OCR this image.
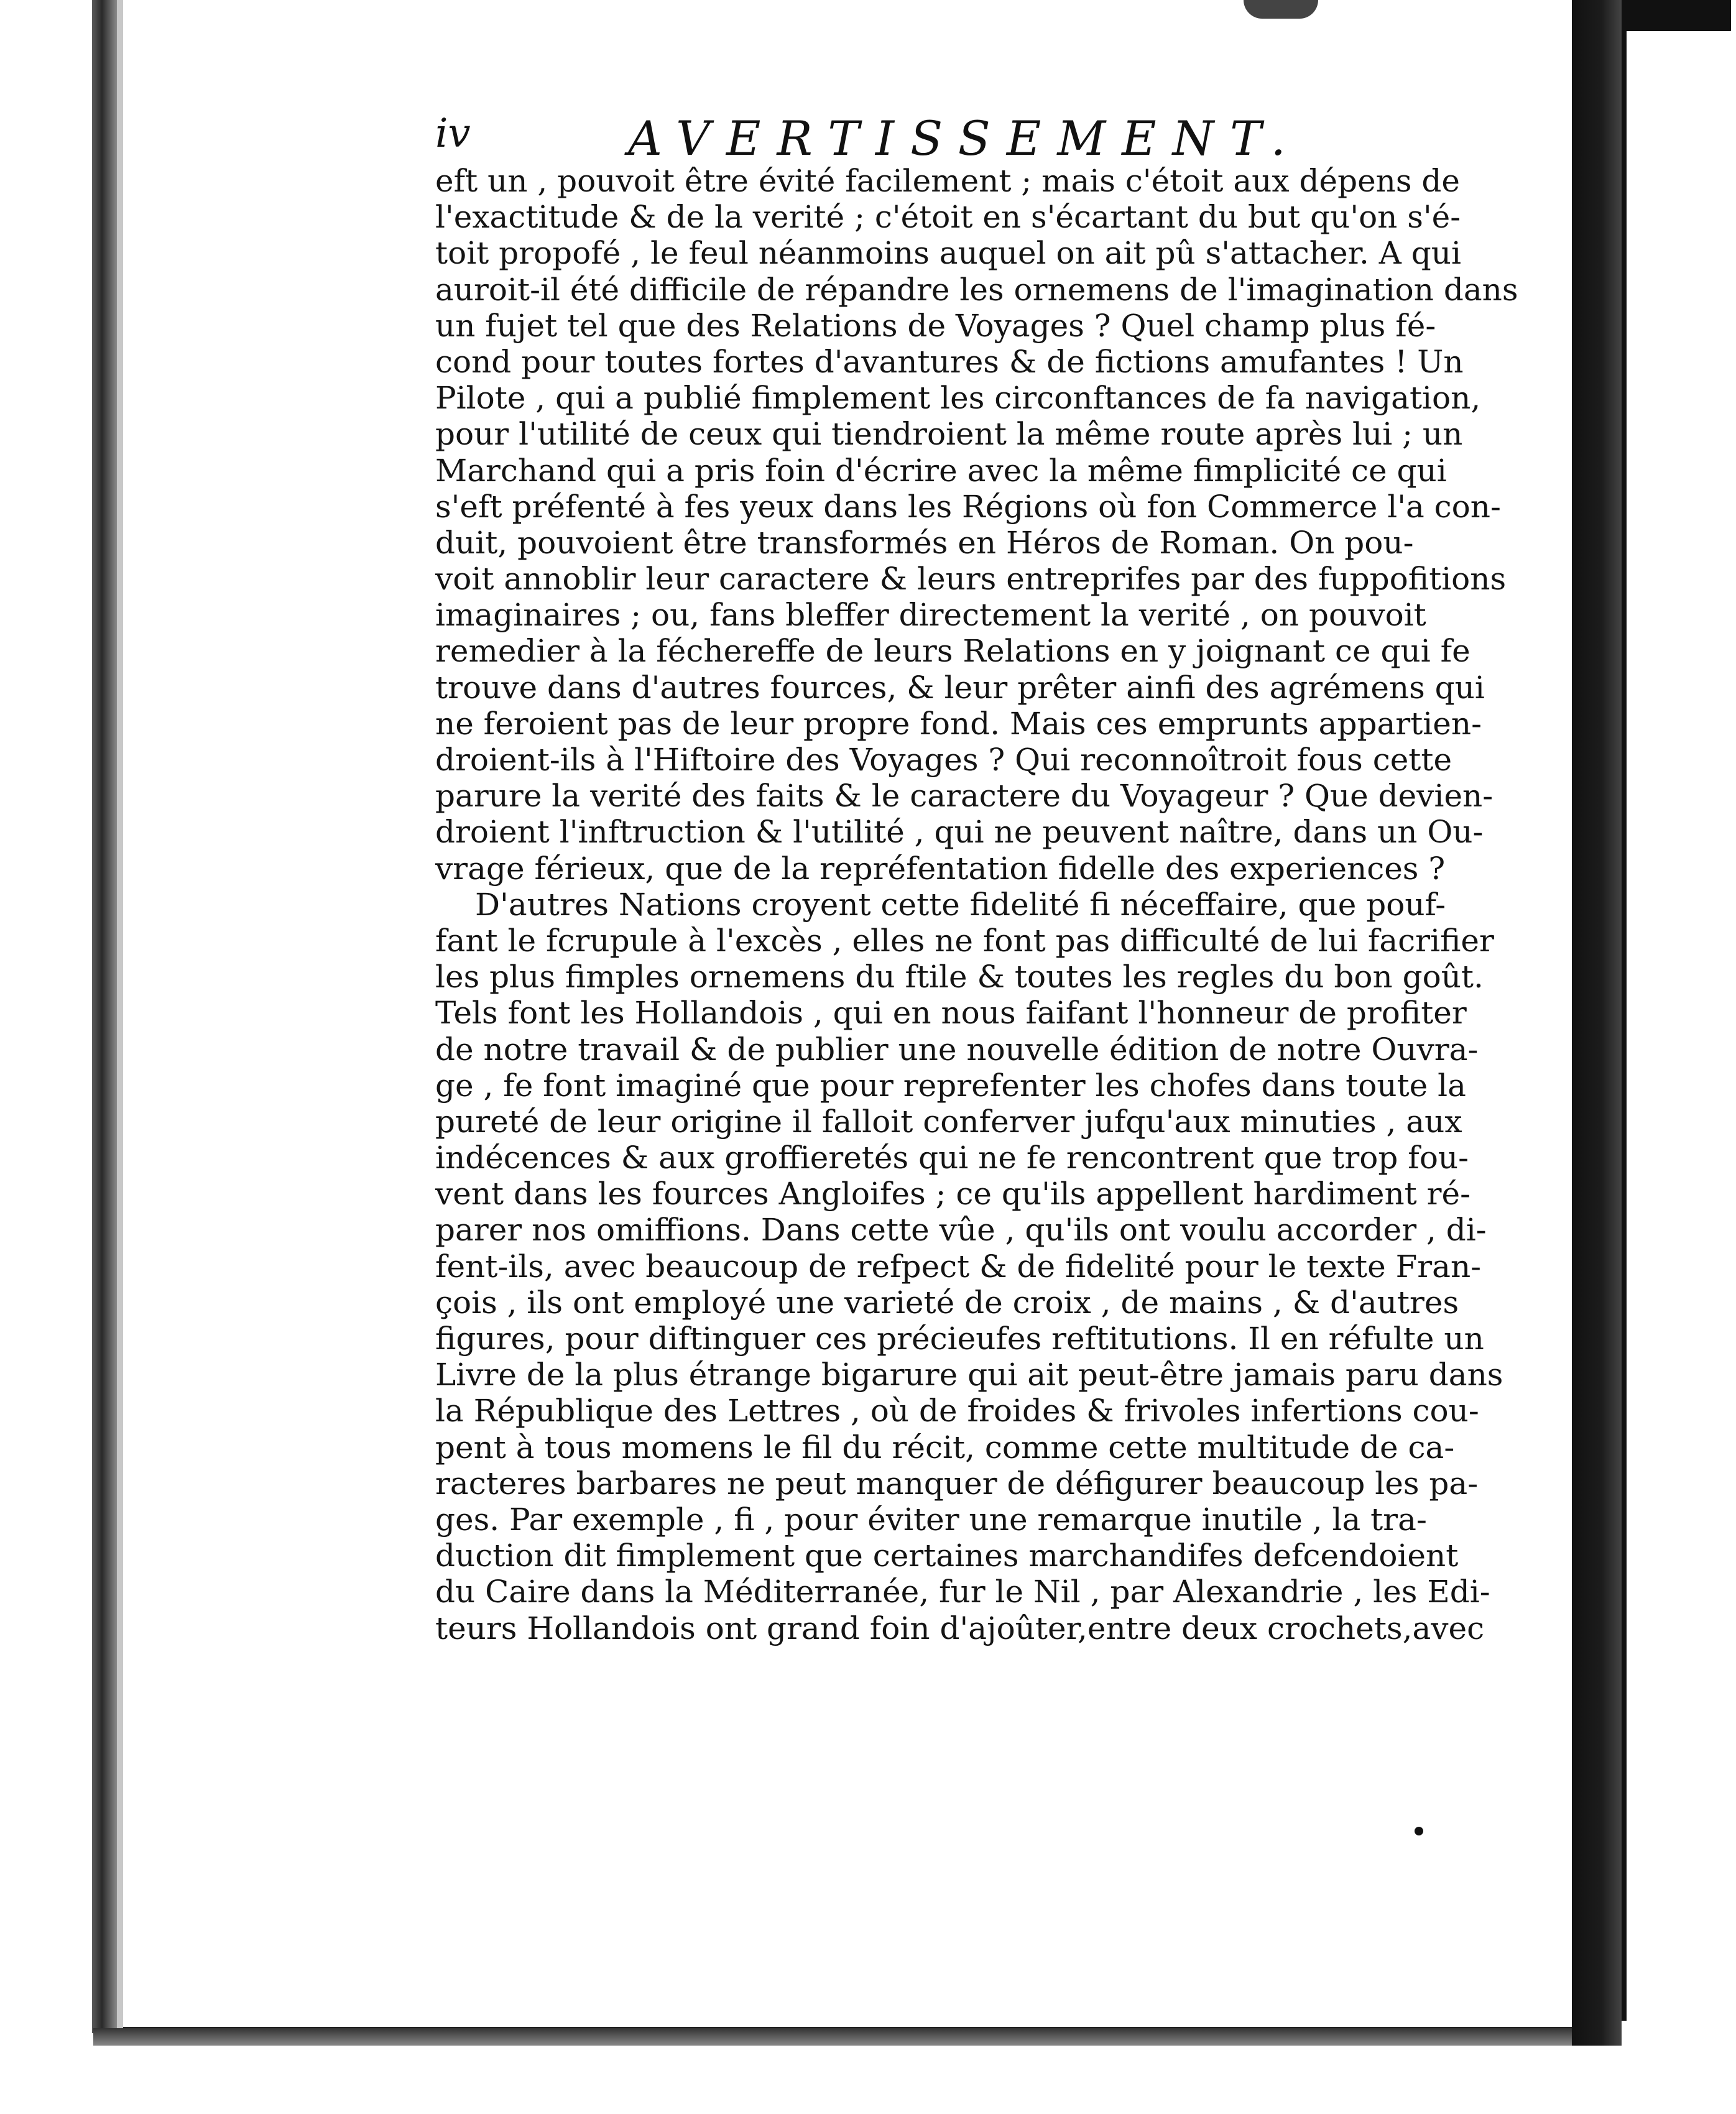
iv	AVERTISSEMENT.
eft un , pouvoit être évité facilement ; mais c'étoit aux dépens de
l'exactitude & de la verité ; c'étoit en s'écartant du but qu'on s'é-
toit propofé , le feul néanmoins auquel on ait pû s'attacher. A qui
auroit-il été difficile de répandre les ornemens de l'imagination dans
un fujet tel que des Relations de Voyages ? Quel champ plus fé-
cond pour toutes fortes d'avantures & de fictions amufantes ! Un
Pilote , qui a publié fimplement les circonftances de fa navigation,
pour l'utilité de ceux qui tiendroient la même route après lui ; un
Marchand qui a pris foin d'écrire avec la même fimplicité ce qui
s'eft préfenté à fes yeux dans les Régions où fon Commerce l'a con-
duit, pouvoient être transformés en Héros de Roman. On pou-
voit annoblir leur caractere & leurs entreprifes par des fuppofitions
imaginaires ; ou, fans bleffer directement la verité , on pouvoit
remedier à la féchereffe de leurs Relations en y joignant ce qui fe
trouve dans d'autres fources, & leur prêter ainfi des agrémens qui
ne feroient pas de leur propre fond. Mais ces emprunts appartien-
droient-ils à l'Hiftoire des Voyages ? Qui reconnoîtroit fous cette
parure la verité des faits & le caractere du Voyageur ? Que devien-
droient l'inftruction & l'utilité , qui ne peuvent naître, dans un Ou-
vrage férieux, que de la repréfentation fidelle des experiences ?
D'autres Nations croyent cette fidelité fi néceffaire, que pouf-
fant le fcrupule à l'excès , elles ne font pas difficulté de lui facrifier
les plus fimples ornemens du ftile & toutes les regles du bon goût.
Tels font les Hollandois , qui en nous faifant l'honneur de profiter
de notre travail & de publier une nouvelle édition de notre Ouvra-
ge , fe font imaginé que pour reprefenter les chofes dans toute la
pureté de leur origine il falloit conferver jufqu'aux minuties , aux
indécences & aux groffieretés qui ne fe rencontrent que trop fou-
vent dans les fources Angloifes ; ce qu'ils appellent hardiment ré-
parer nos omiffions. Dans cette vûe , qu'ils ont voulu accorder , di-
fent-ils, avec beaucoup de refpect & de fidelité pour le texte Fran-
çois , ils ont employé une varieté de croix , de mains , & d'autres
figures, pour diftinguer ces précieufes reftitutions. Il en réfulte un
Livre de la plus étrange bigarure qui ait peut-être jamais paru dans
la République des Lettres , où de froides & frivoles infertions cou-
pent à tous momens le fil du récit, comme cette multitude de ca-
racteres barbares ne peut manquer de défigurer beaucoup les pa-
ges. Par exemple , fi , pour éviter une remarque inutile , la tra-
duction dit fimplement que certaines marchandifes defcendoient
du Caire dans la Méditerranée, fur le Nil , par Alexandrie , les Edi-
teurs Hollandois ont grand foin d'ajoûter,entre deux crochets,avec
